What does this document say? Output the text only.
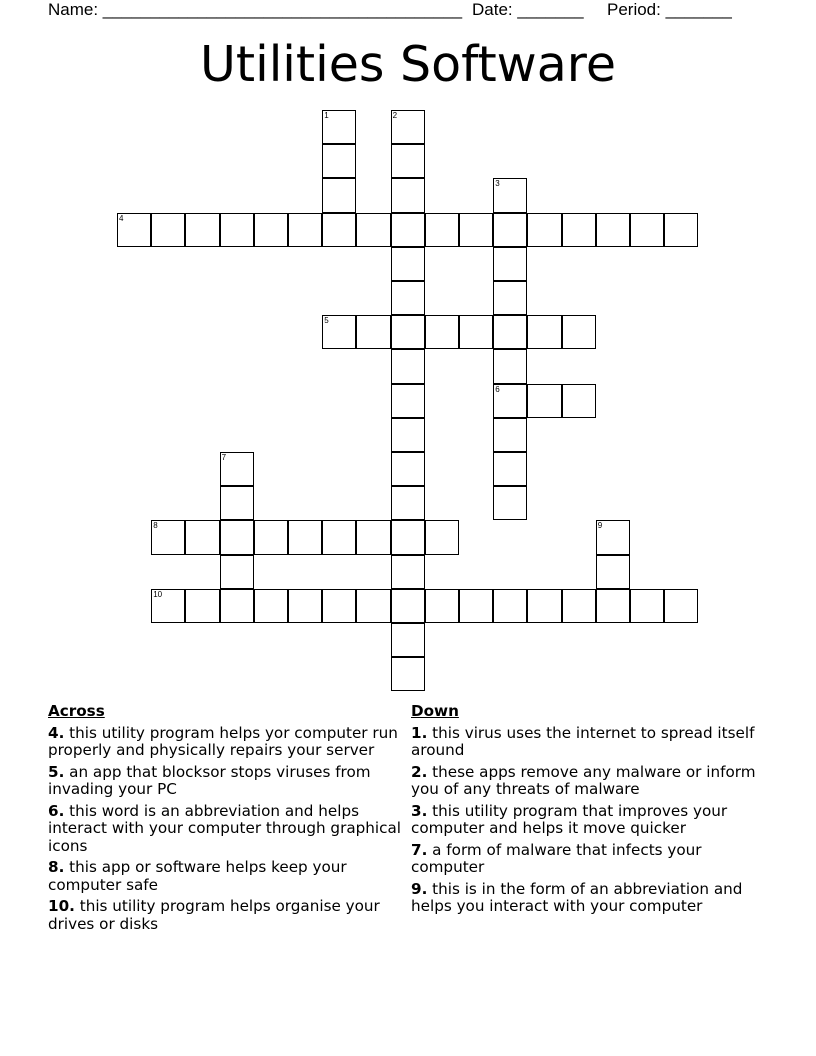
Name: ______________________________________ Date: _______ Period: _______
Utilities Software
1	2
3
6
4
5
7
8	9
10
Across
4. this utility program helps yor computer run properly and physically repairs your server
5. an app that blocksor stops viruses from invading your PC
6. this word is an abbreviation and helps interact with your computer through graphical icons
8. this app or software helps keep your computer safe
10. this utility program helps organise your drives or disks
Down
1. this virus uses the internet to spread itself around
2. these apps remove any malware or inform you of any threats of malware
3. this utility program that improves your computer and helps it move quicker
7. a form of malware that infects your computer
9. this is in the form of an abbreviation and helps you interact with your computer
